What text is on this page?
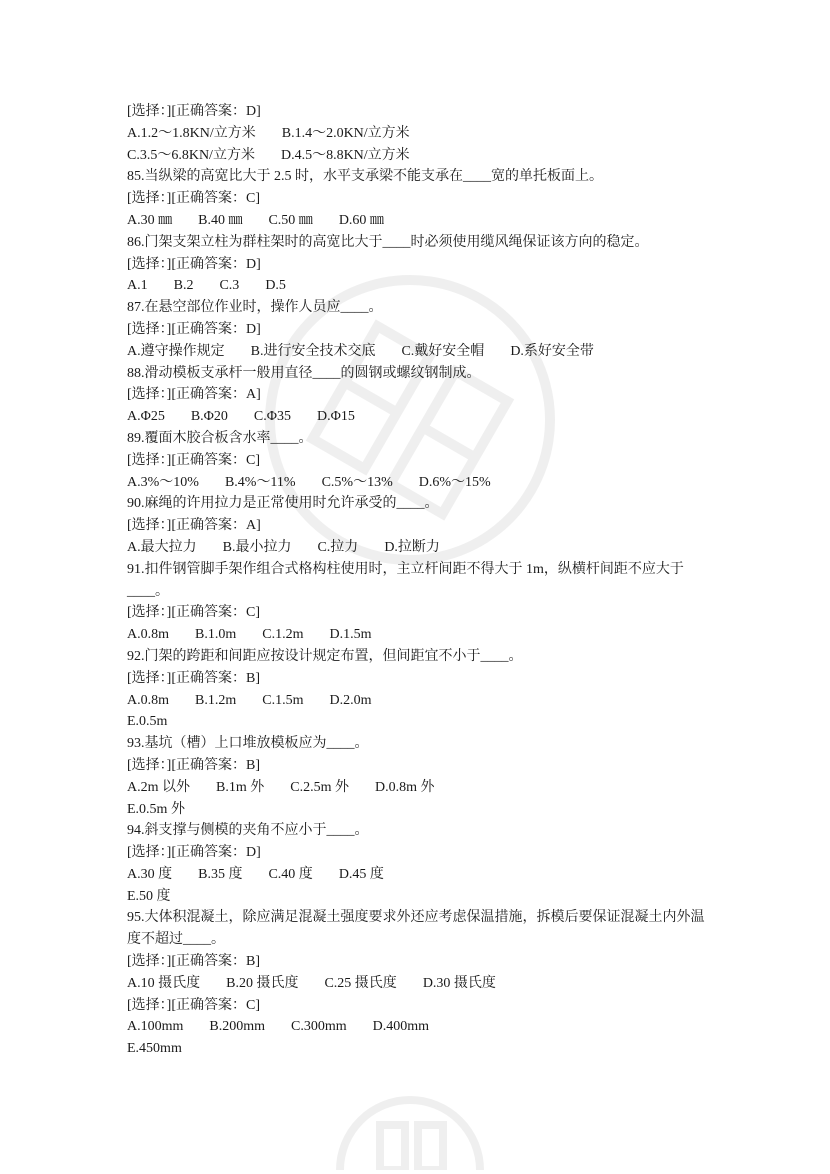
[选择：][正确答案：D]
A.1.2～1.8KN/立方米 B.1.4～2.0KN/立方米
C.3.5～6.8KN/立方米 D.4.5～8.8KN/立方米
85.当纵梁的高宽比大于 2.5 时，水平支承梁不能支承在____宽的单托板面上。
[选择：][正确答案：C]
A.30 ㎜ B.40 ㎜ C.50 ㎜ D.60 ㎜
86.门架支架立柱为群柱架时的高宽比大于____时必须使用缆风绳保证该方向的稳定。
[选择：][正确答案：D]
A.1 B.2 C.3 D.5
87.在悬空部位作业时，操作人员应____。
[选择：][正确答案：D]
A.遵守操作规定 B.进行安全技术交底 C.戴好安全帽 D.系好安全带
88.滑动模板支承杆一般用直径____的圆钢或螺纹钢制成。
[选择：][正确答案：A]
A.Φ25 B.Φ20 C.Φ35 D.Φ15
89.覆面木胶合板含水率____。
[选择：][正确答案：C]
A.3%～10% B.4%～11% C.5%～13% D.6%～15%
90.麻绳的许用拉力是正常使用时允许承受的____。
[选择：][正确答案：A]
A.最大拉力 B.最小拉力 C.拉力 D.拉断力
91.扣件钢管脚手架作组合式格构柱使用时，主立杆间距不得大于 1m，纵横杆间距不应大于____。
[选择：][正确答案：C]
A.0.8m B.1.0m C.1.2m D.1.5m
92.门架的跨距和间距应按设计规定布置，但间距宜不小于____。
[选择：][正确答案：B]
A.0.8m B.1.2m C.1.5m D.2.0m
E.0.5m
93.基坑（槽）上口堆放模板应为____。
[选择：][正确答案：B]
A.2m 以外 B.1m 外 C.2.5m 外 D.0.8m 外
E.0.5m 外
94.斜支撑与侧模的夹角不应小于____。
[选择：][正确答案：D]
A.30 度 B.35 度 C.40 度 D.45 度
E.50 度
95.大体积混凝土，除应满足混凝土强度要求外还应考虑保温措施，拆模后要保证混凝土内外温度不超过____。
[选择：][正确答案：B]
A.10 摄氏度 B.20 摄氏度 C.25 摄氏度 D.30 摄氏度
[选择：][正确答案：C]
A.100mm B.200mm C.300mm D.400mm
E.450mm
